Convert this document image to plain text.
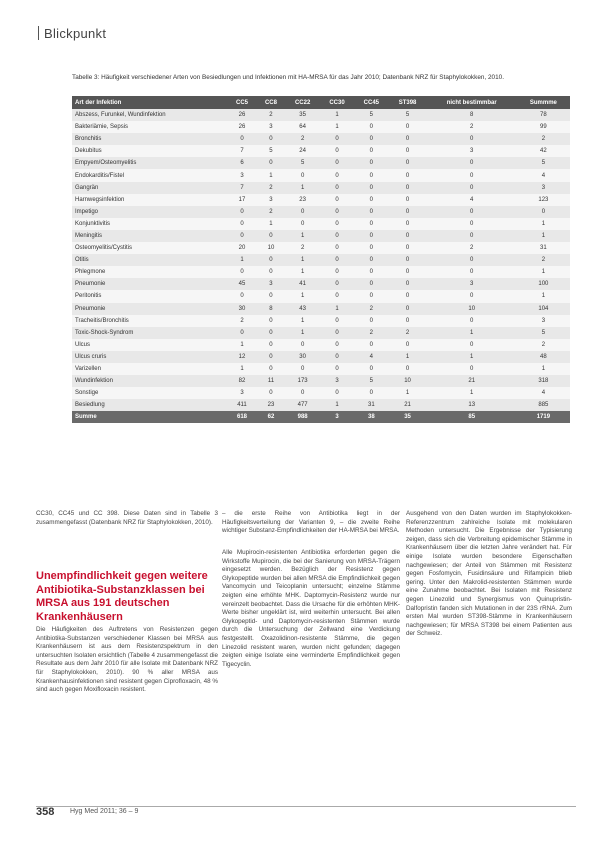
Blickpunkt
Tabelle 3: Häufigkeit verschiedener Arten von Besiedlungen und Infektionen mit HA-MRSA für das Jahr 2010; Datenbank NRZ für Staphylokokken, 2010.
Art der Infektion	CC5	CC8	CC22	CC30	CC45	ST398	nicht bestimmbar	Summme
Abszess, Furunkel, Wundinfektion	26	2	35	1	5	5	8	78
Bakteriämie, Sepsis	26	3	64	1	0	0	2	99
Bronchitis	0	0	2	0	0	0	0	2
Dekubitus	7	5	24	0	0	0	3	42
Empyem/Osteomyelitis	6	0	5	0	0	0	0	5
Endokarditis/Fistel	3	1	0	0	0	0	0	4
Gangrän	7	2	1	0	0	0	0	3
Harnwegsinfektion	17	3	23	0	0	0	4	123
Impetigo	0	2	0	0	0	0	0	0
Konjunktivitis	0	1	0	0	0	0	0	1
Meningitis	0	0	1	0	0	0	0	1
Osteomyelitis/Cystitis	20	10	2	0	0	0	2	31
Otitis	1	0	1	0	0	0	0	2
Phlegmone	0	0	1	0	0	0	0	1
Pneumonie	45	3	41	0	0	0	3	100
Peritonitis	0	0	1	0	0	0	0	1
Pneumonie	30	8	43	1	2	0	10	104
Tracheitis/Bronchitis	2	0	1	0	0	0	0	3
Toxic-Shock-Syndrom	0	0	1	0	2	2	1	5
Ulcus	1	0	0	0	0	0	0	2
Ulcus cruris	12	0	30	0	4	1	1	48
Varizellen	1	0	0	0	0	0	0	1
Wundinfektion	82	11	173	3	5	10	21	318
Sonstige	3	0	0	0	0	1	1	4
Besiedlung	411	23	477	1	31	21	13	885
Summe	618	62	988	3	38	35	85	1719
CC30, CC45 und CC 398. Diese Daten sind in Tabelle 3 zusammengefasst (Datenbank NRZ für Staphylokokken, 2010).
Unempfindlichkeit gegen weitere Antibiotika-Substanzklassen bei MRSA aus 191 deutschen Krankenhäusern
Die Häufigkeiten des Auftretens von Resistenzen gegen Antibiotika-Substanzen verschiedener Klassen bei MRSA aus Krankenhäusern ist aus dem Resistenzspektrum in den untersuchten Isolaten ersichtlich (Tabelle 4 zusammengefasst die Resultate aus dem Jahr 2010 für alle Isolate mit Datenbank NRZ für Staphylokokken, 2010). 90 % aller MRSA aus Krankenhausinfektionen sind resistent gegen Ciprofloxacin, 48 % sind auch gegen Moxifloxacin resistent.
– die erste Reihe von Antibiotika liegt in der Häufigkeitsverteilung der Varianten 9, – die zweite Reihe wichtiger Substanz-Empfindlichkeiten der HA-MRSA bei MRSA.
Alle Mupirocin-resistenten Antibiotika erforderten gegen die Wirkstoffe Mupirocin, die bei der Sanierung von MRSA-Trägern eingesetzt werden. Bezüglich der Resistenz gegen Glykopeptide wurden bei allen MRSA die Empfindlichkeit gegen Vancomycin und Teicoplanin untersucht; einzelne Stämme zeigten eine erhöhte MHK. Daptomycin-Resistenz wurde nur vereinzelt beobachtet. Dass die Ursache für die erhöhten MHK-Werte bisher ungeklärt ist, wird weiterhin untersucht. Bei allen Glykopeptid- und Daptomycin-resistenten Stämmen wurde durch die Untersuchung der Zellwand eine Verdickung festgestellt. Oxazolidinon-resistente Stämme, die gegen Linezolid resistent waren, wurden nicht gefunden; dagegen zeigten einige Isolate eine verminderte Empfindlichkeit gegen Tigecyclin.
Ausgehend von den Daten wurden im Staphylokokken-Referenzzentrum zahlreiche Isolate mit molekularen Methoden untersucht. Die Ergebnisse der Typisierung zeigen, dass sich die Verbreitung epidemischer Stämme in Krankenhäusern über die letzten Jahre verändert hat. Für einige Isolate wurden besondere Eigenschaften nachgewiesen; der Anteil von Stämmen mit Resistenz gegen Fosfomycin, Fusidinsäure und Rifampicin blieb gering. Unter den Makrolid-resistenten Stämmen wurde eine Zunahme beobachtet. Bei Isolaten mit Resistenz gegen Linezolid und Synergismus von Quinupristin-Dalfopristin fanden sich Mutationen in der 23S rRNA. Zum ersten Mal wurden ST398-Stämme in Krankenhäusern nachgewiesen; für MRSA ST398 bei einem Patienten aus der Schweiz.
358 Hyg Med 2011; 36 – 9
